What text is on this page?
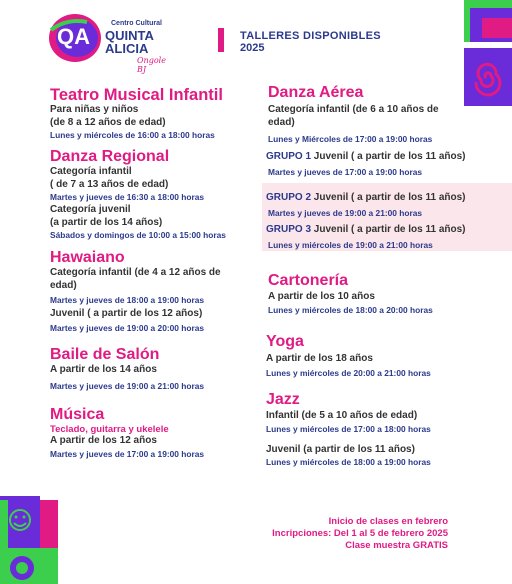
QA
Centro Cultural
QUINTA
ALICIA
Ongole BJ
TALLERES DISPONIBLES
2025
Teatro Musical Infantil
Para niñas y niños
(de 8 a 12 años de edad)
Lunes y miércoles de 16:00 a 18:00 horas
Danza Regional
Categoría infantil
( de 7 a 13 años de edad)
Martes y jueves de 16:30 a 18:00 horas
Categoría juvenil
(a partir de los 14 años)
Sábados y domingos de 10:00 a 15:00 horas
Hawaiano
Categoría infantil (de 4 a 12 años de
edad)
Martes y jueves de 18:00 a 19:00 horas
Juvenil ( a partir de los 12 años)
Martes y jueves de 19:00 a 20:00 horas
Baile de Salón
A partir de los 14 años
Martes y jueves de 19:00 a 21:00 horas
Música
Teclado, guitarra y ukelele
A partir de los 12 años
Martes y jueves de 17:00 a 19:00 horas
Danza Aérea
Categoría infantil (de 6 a 10 años de
edad)
Lunes y Miércoles de 17:00 a 19:00 horas
GRUPO 1 Juvenil ( a partir de los 11 años)
Martes y jueves de 17:00 a 19:00 horas
GRUPO 2 Juvenil ( a partir de los 11 años)
Martes y jueves de 19:00 a 21:00 horas
GRUPO 3 Juvenil ( a partir de los 11 años)
Lunes y miércoles de 19:00 a 21:00 horas
Cartonería
A partir de los 10 años
Lunes y miércoles de 18:00 a 20:00 horas
Yoga
A partir de los 18 años
Lunes y miércoles de 20:00 a 21:00 horas
Jazz
Infantil (de 5 a 10 años de edad)
Lunes y miércoles de 17:00 a 18:00 horas
Juvenil (a partir de los 11 años)
Lunes y miércoles de 18:00 a 19:00 horas
Inicio de clases en febrero
Incripciones: Del 1 al 5 de febrero 2025
Clase muestra GRATIS
